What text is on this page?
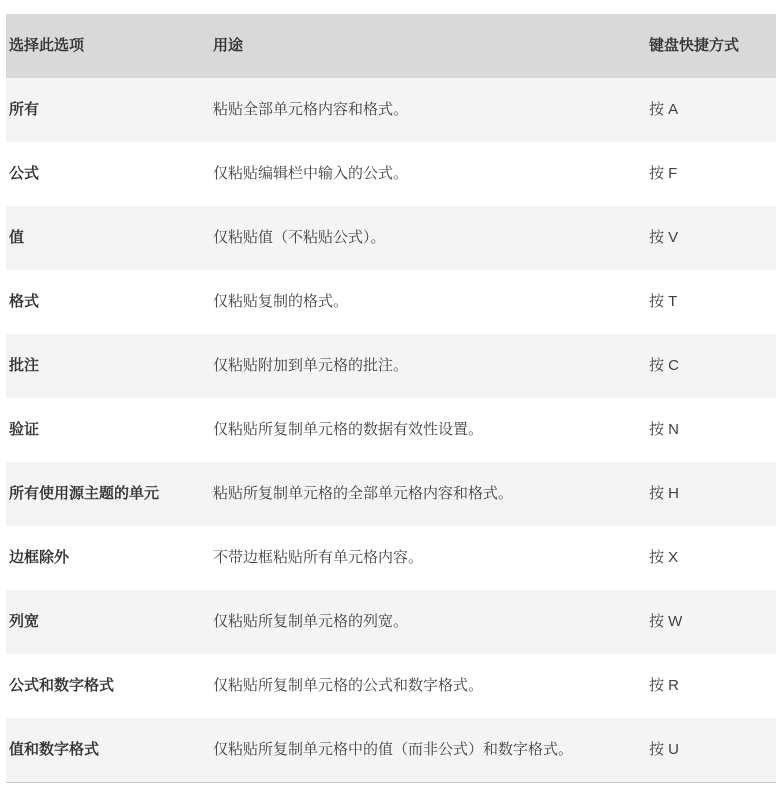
选择此选项	用途	键盘快捷方式
所有	粘贴全部单元格内容和格式。	按 A
公式	仅粘贴编辑栏中输入的公式。	按 F
值	仅粘贴值（不粘贴公式）。	按 V
格式	仅粘贴复制的格式。	按 T
批注	仅粘贴附加到单元格的批注。	按 C
验证	仅粘贴所复制单元格的数据有效性设置。	按 N
所有使用源主题的单元	粘贴所复制单元格的全部单元格内容和格式。	按 H
边框除外	不带边框粘贴所有单元格内容。	按 X
列宽	仅粘贴所复制单元格的列宽。	按 W
公式和数字格式	仅粘贴所复制单元格的公式和数字格式。	按 R
值和数字格式	仅粘贴所复制单元格中的值（而非公式）和数字格式。	按 U
